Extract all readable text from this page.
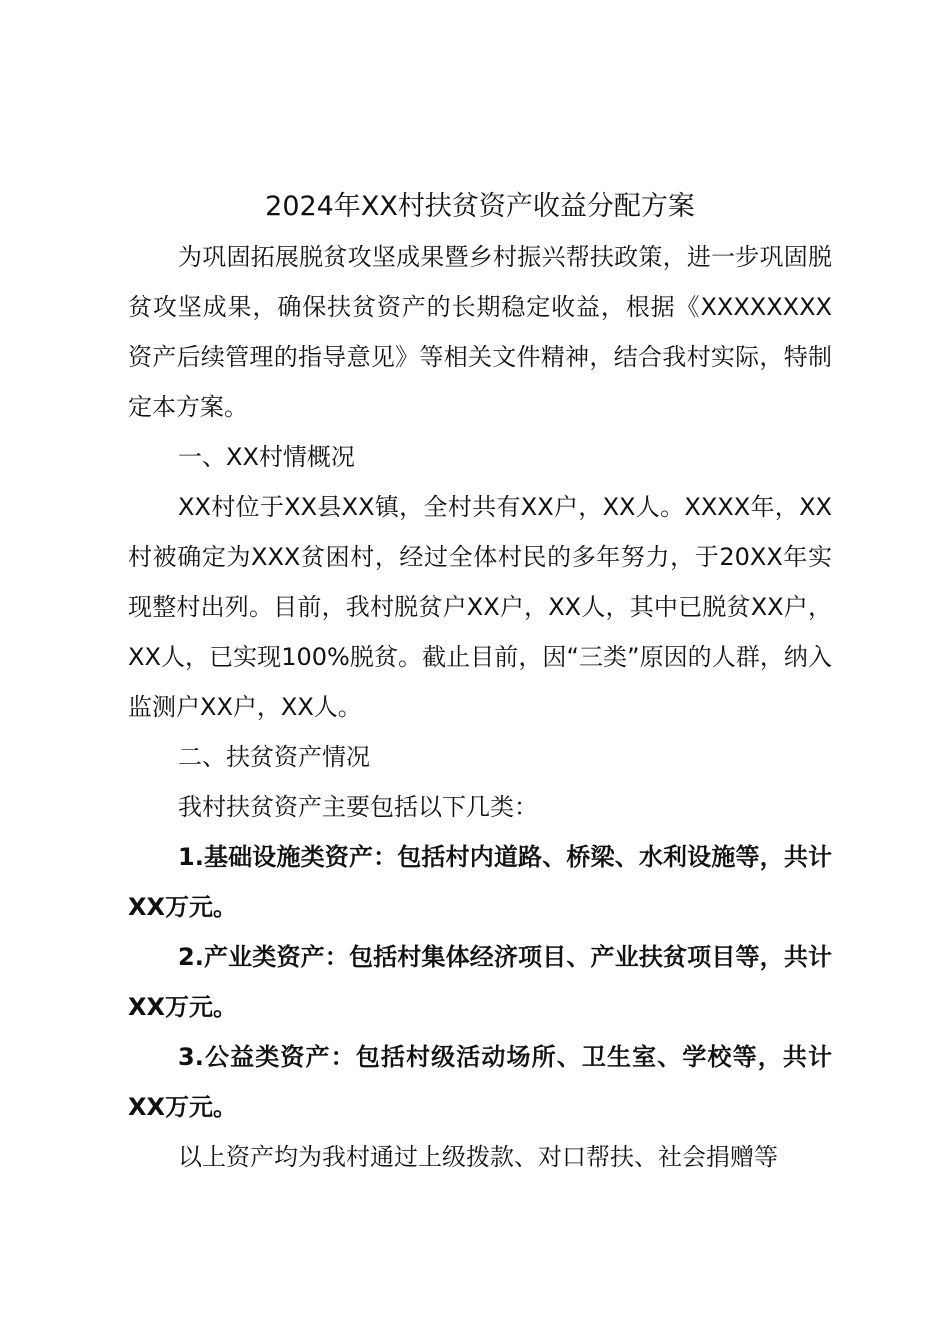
2024年XX村扶贫资产收益分配方案

为巩固拓展脱贫攻坚成果暨乡村振兴帮扶政策，进一步巩固脱贫攻坚成果，确保扶贫资产的长期稳定收益，根据《XXXXXXXX资产后续管理的指导意见》等相关文件精神，结合我村实际，特制定本方案。

一、XX村情概况

XX村位于XX县XX镇，全村共有XX户，XX人。XXXX年，XX村被确定为XXX贫困村，经过全体村民的多年努力，于20XX年实现整村出列。目前，我村脱贫户XX户，XX人，其中已脱贫XX户，XX人，已实现100%脱贫。截止目前，因“三类”原因的人群，纳入监测户XX户，XX人。

二、扶贫资产情况

我村扶贫资产主要包括以下几类：

1.基础设施类资产：包括村内道路、桥梁、水利设施等，共计XX万元。

2.产业类资产：包括村集体经济项目、产业扶贫项目等，共计XX万元。

3.公益类资产：包括村级活动场所、卫生室、学校等，共计XX万元。

以上资产均为我村通过上级拨款、对口帮扶、社会捐赠等
